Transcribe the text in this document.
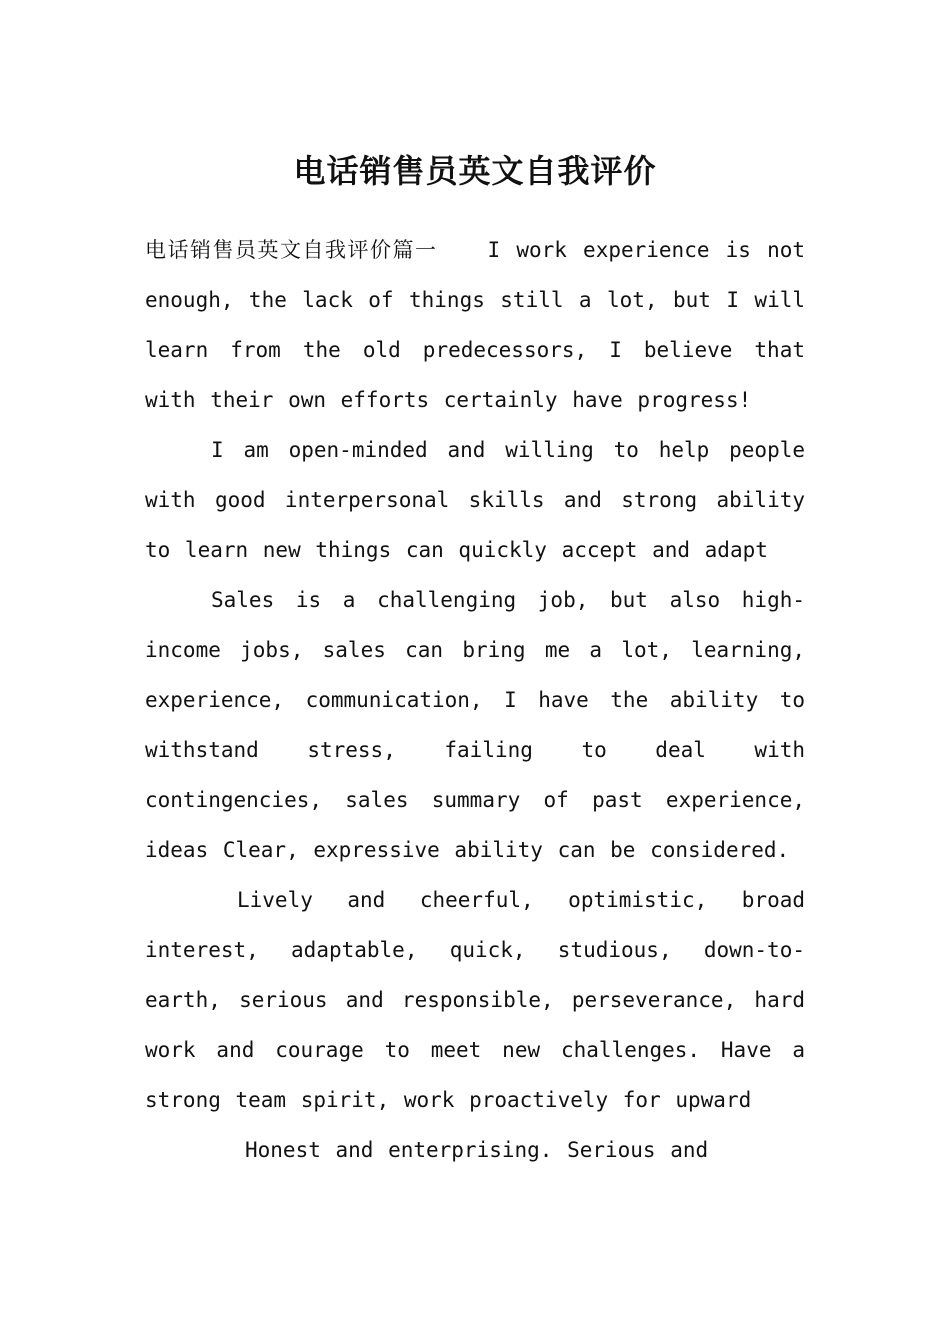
电话销售员英文自我评价

电话销售员英文自我评价篇一 I work experience is not enough, the lack of things still a lot, but I will learn from the old predecessors, I believe that with their own efforts certainly have progress!

I am open-minded and willing to help people with good interpersonal skills and strong ability to learn new things can quickly accept and adapt

Sales is a challenging job, but also high-income jobs, sales can bring me a lot, learning, experience, communication, I have the ability to withstand stress, failing to deal with contingencies, sales summary of past experience, ideas Clear, expressive ability can be considered.

Lively and cheerful, optimistic, broad interest, adaptable, quick, studious, down-to-earth, serious and responsible, perseverance, hard work and courage to meet new challenges. Have a strong team spirit, work proactively for upward

Honest and enterprising. Serious and
